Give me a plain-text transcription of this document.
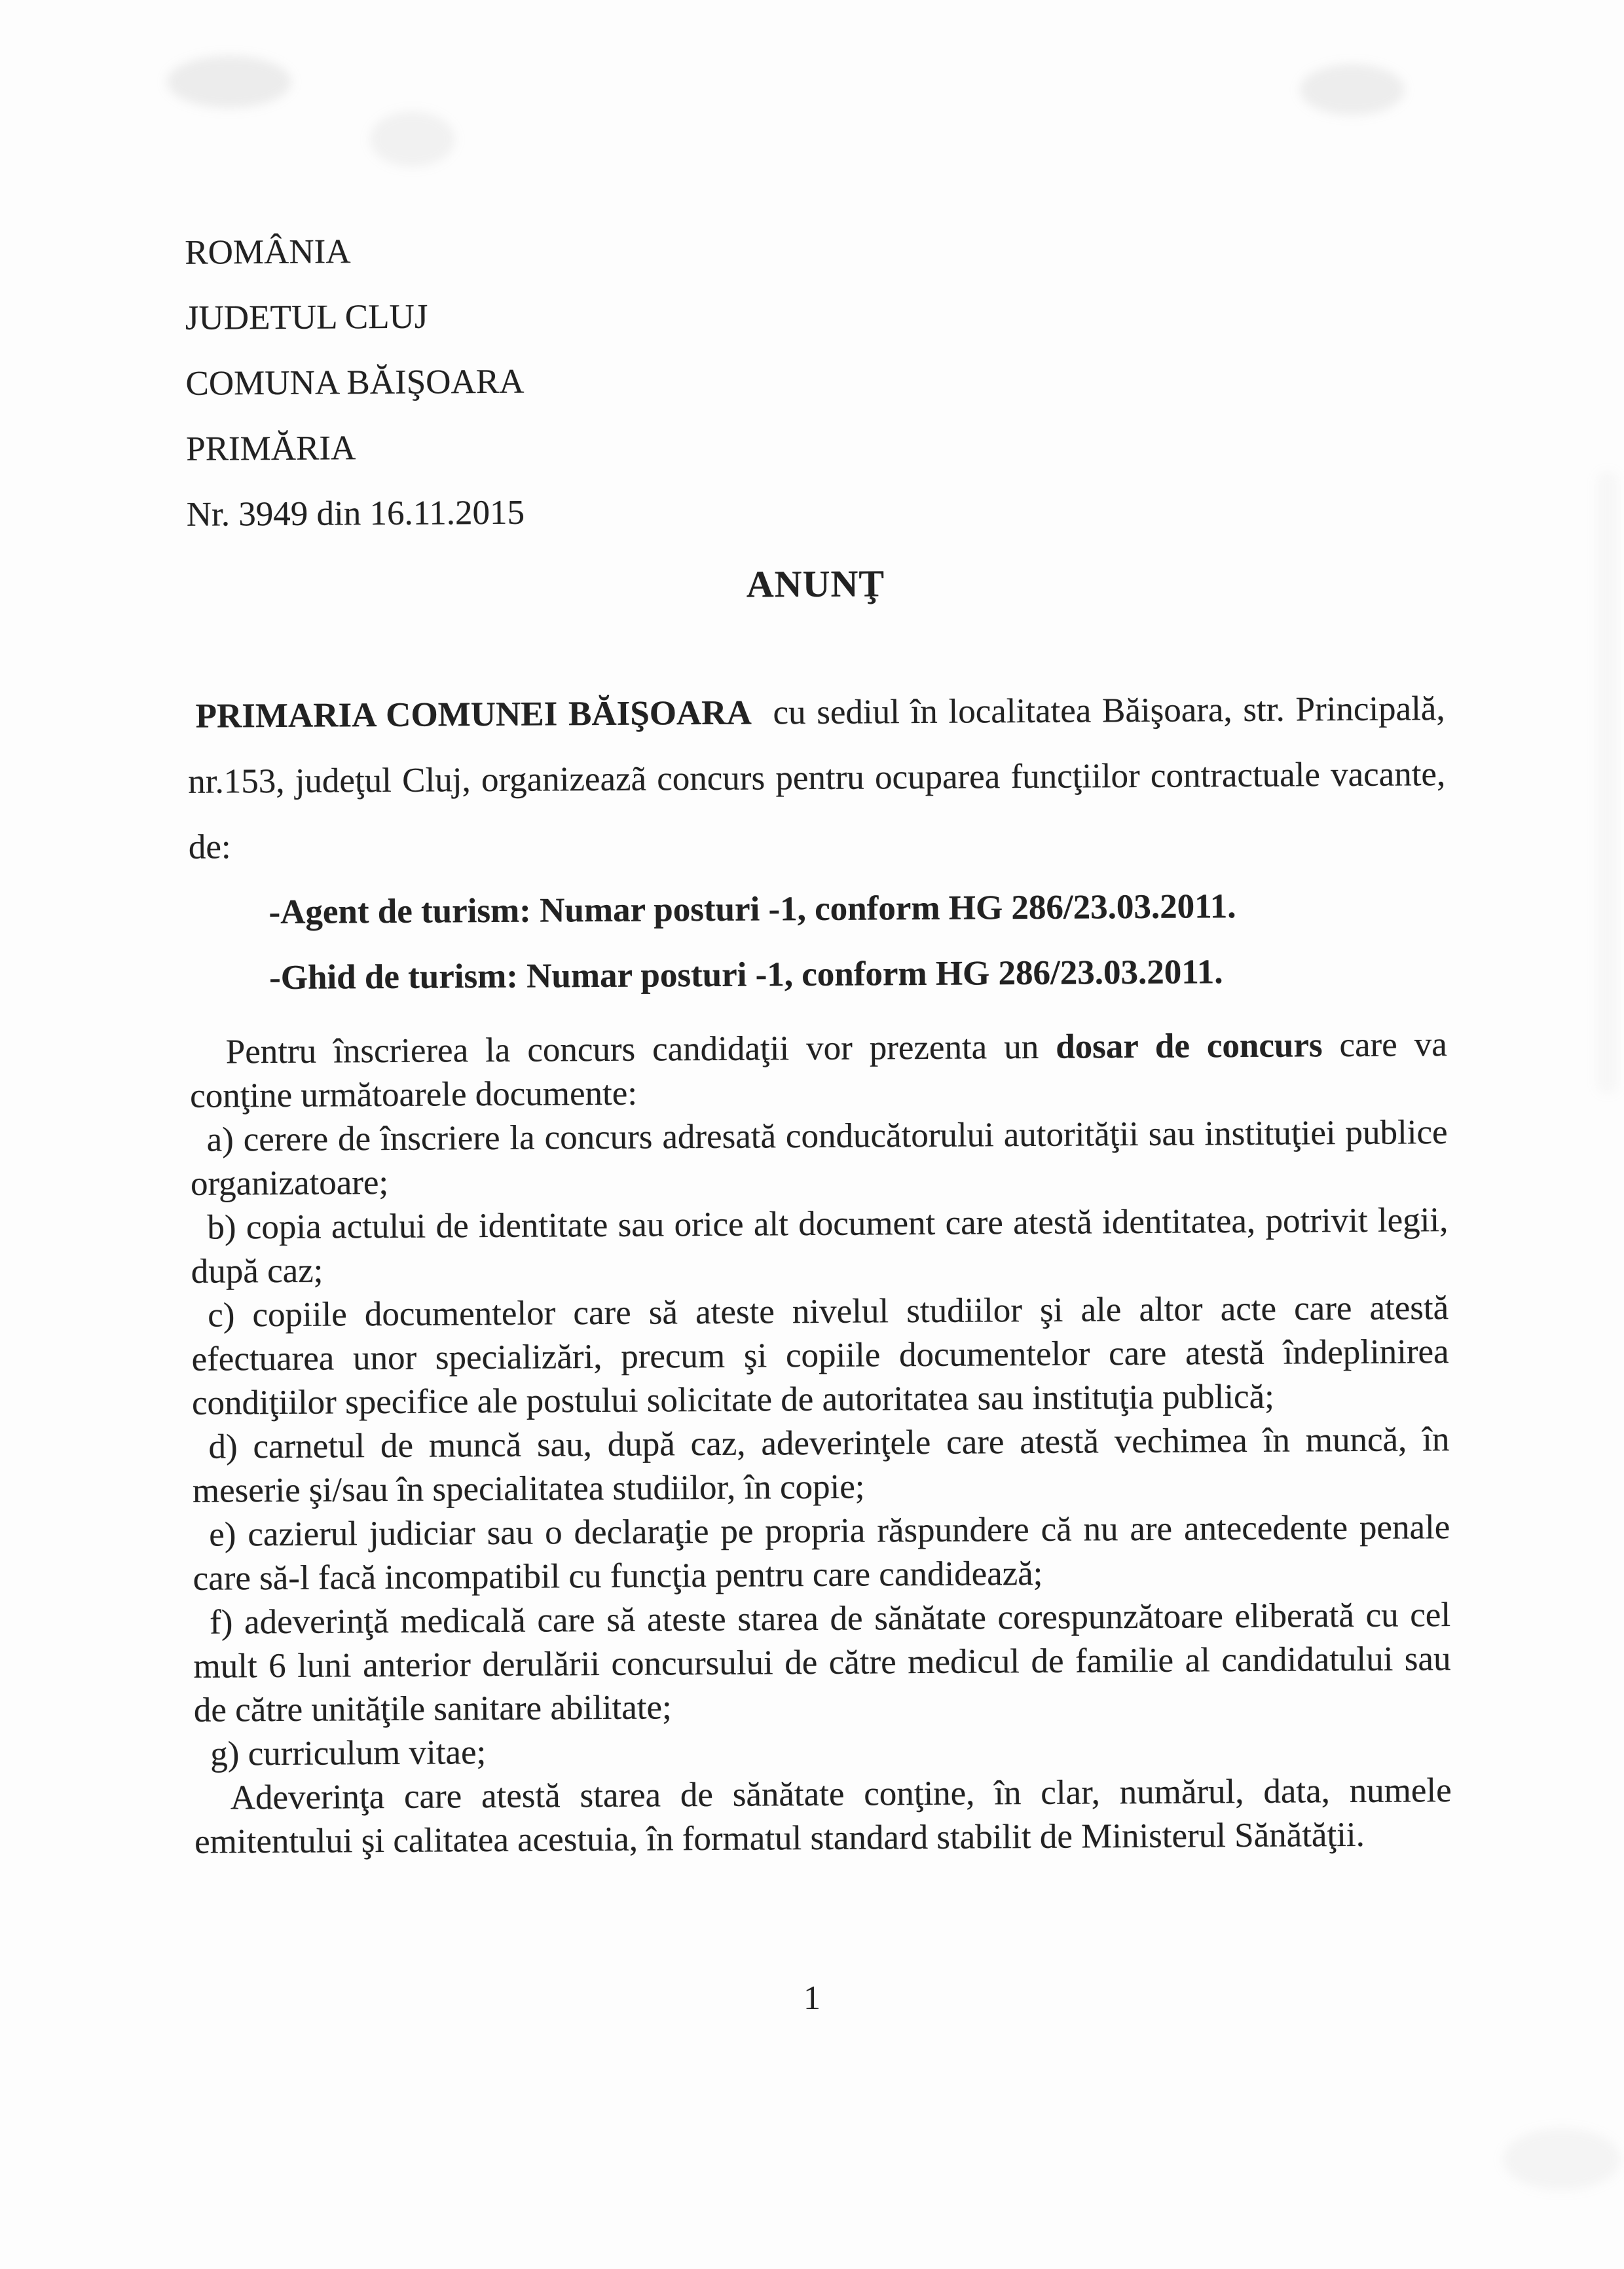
ROMÂNIA
JUDETUL CLUJ
COMUNA BĂIŞOARA
PRIMĂRIA
Nr. 3949 din 16.11.2015
ANUNŢ

PRIMARIA COMUNEI BĂIŞOARA cu sediul în localitatea Băişoara, str. Principală, nr.153, judeţul Cluj, organizeazã concurs pentru ocuparea funcţiilor contractuale vacante, de:

-Agent de turism: Numar posturi -1, conform HG 286/23.03.2011.

-Ghid de turism: Numar posturi -1, conform HG 286/23.03.2011.

Pentru înscrierea la concurs candidaţii vor prezenta un dosar de concurs care va conţine următoarele documente:

a) cerere de înscriere la concurs adresată conducătorului autorităţii sau instituţiei publice organizatoare;

b) copia actului de identitate sau orice alt document care atestă identitatea, potrivit legii, după caz;

c) copiile documentelor care să ateste nivelul studiilor şi ale altor acte care atestă efectuarea unor specializări, precum şi copiile documentelor care atestă îndeplinirea condiţiilor specifice ale postului solicitate de autoritatea sau instituţia publică;

d) carnetul de muncă sau, după caz, adeverinţele care atestă vechimea în muncă, în meserie şi/sau în specialitatea studiilor, în copie;

e) cazierul judiciar sau o declaraţie pe propria răspundere că nu are antecedente penale care să-l facă incompatibil cu funcţia pentru care candidează;

f) adeverinţă medicală care să ateste starea de sănătate corespunzătoare eliberată cu cel mult 6 luni anterior derulării concursului de către medicul de familie al candidatului sau de către unităţile sanitare abilitate;

g) curriculum vitae;

Adeverinţa care atestă starea de sănătate conţine, în clar, numărul, data, numele emitentului şi calitatea acestuia, în formatul standard stabilit de Ministerul Sănătăţii.

1
